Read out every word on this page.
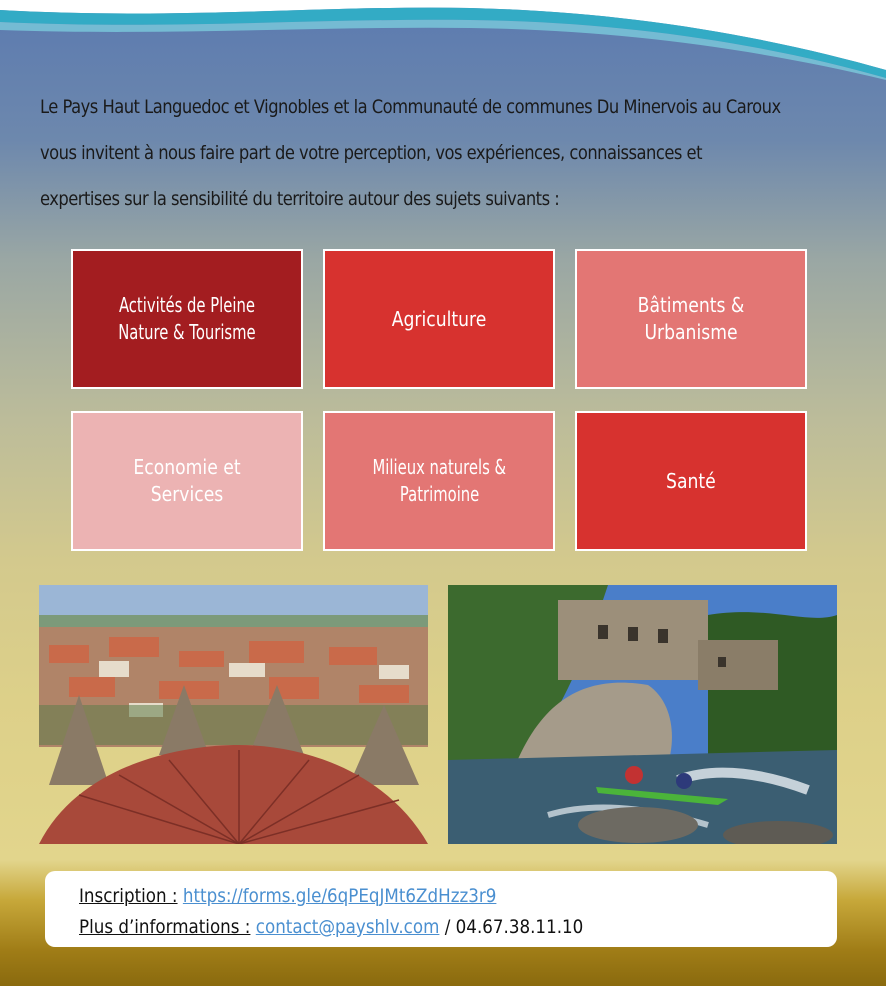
Le Pays Haut Languedoc et Vignobles et la Communauté de communes Du Minervois au Caroux
vous invitent à nous faire part de votre perception, vos expériences, connaissances et
expertises sur la sensibilité du territoire autour des sujets suivants :
Activités de Pleine
Nature & Tourisme
Agriculture
Bâtiments & Urbanisme
Economie et Services
Milieux naturels &
Patrimoine
Santé
Inscription : https://forms.gle/6qPEqJMt6ZdHzz3r9
Plus d’informations : contact@payshlv.com / 04.67.38.11.10
